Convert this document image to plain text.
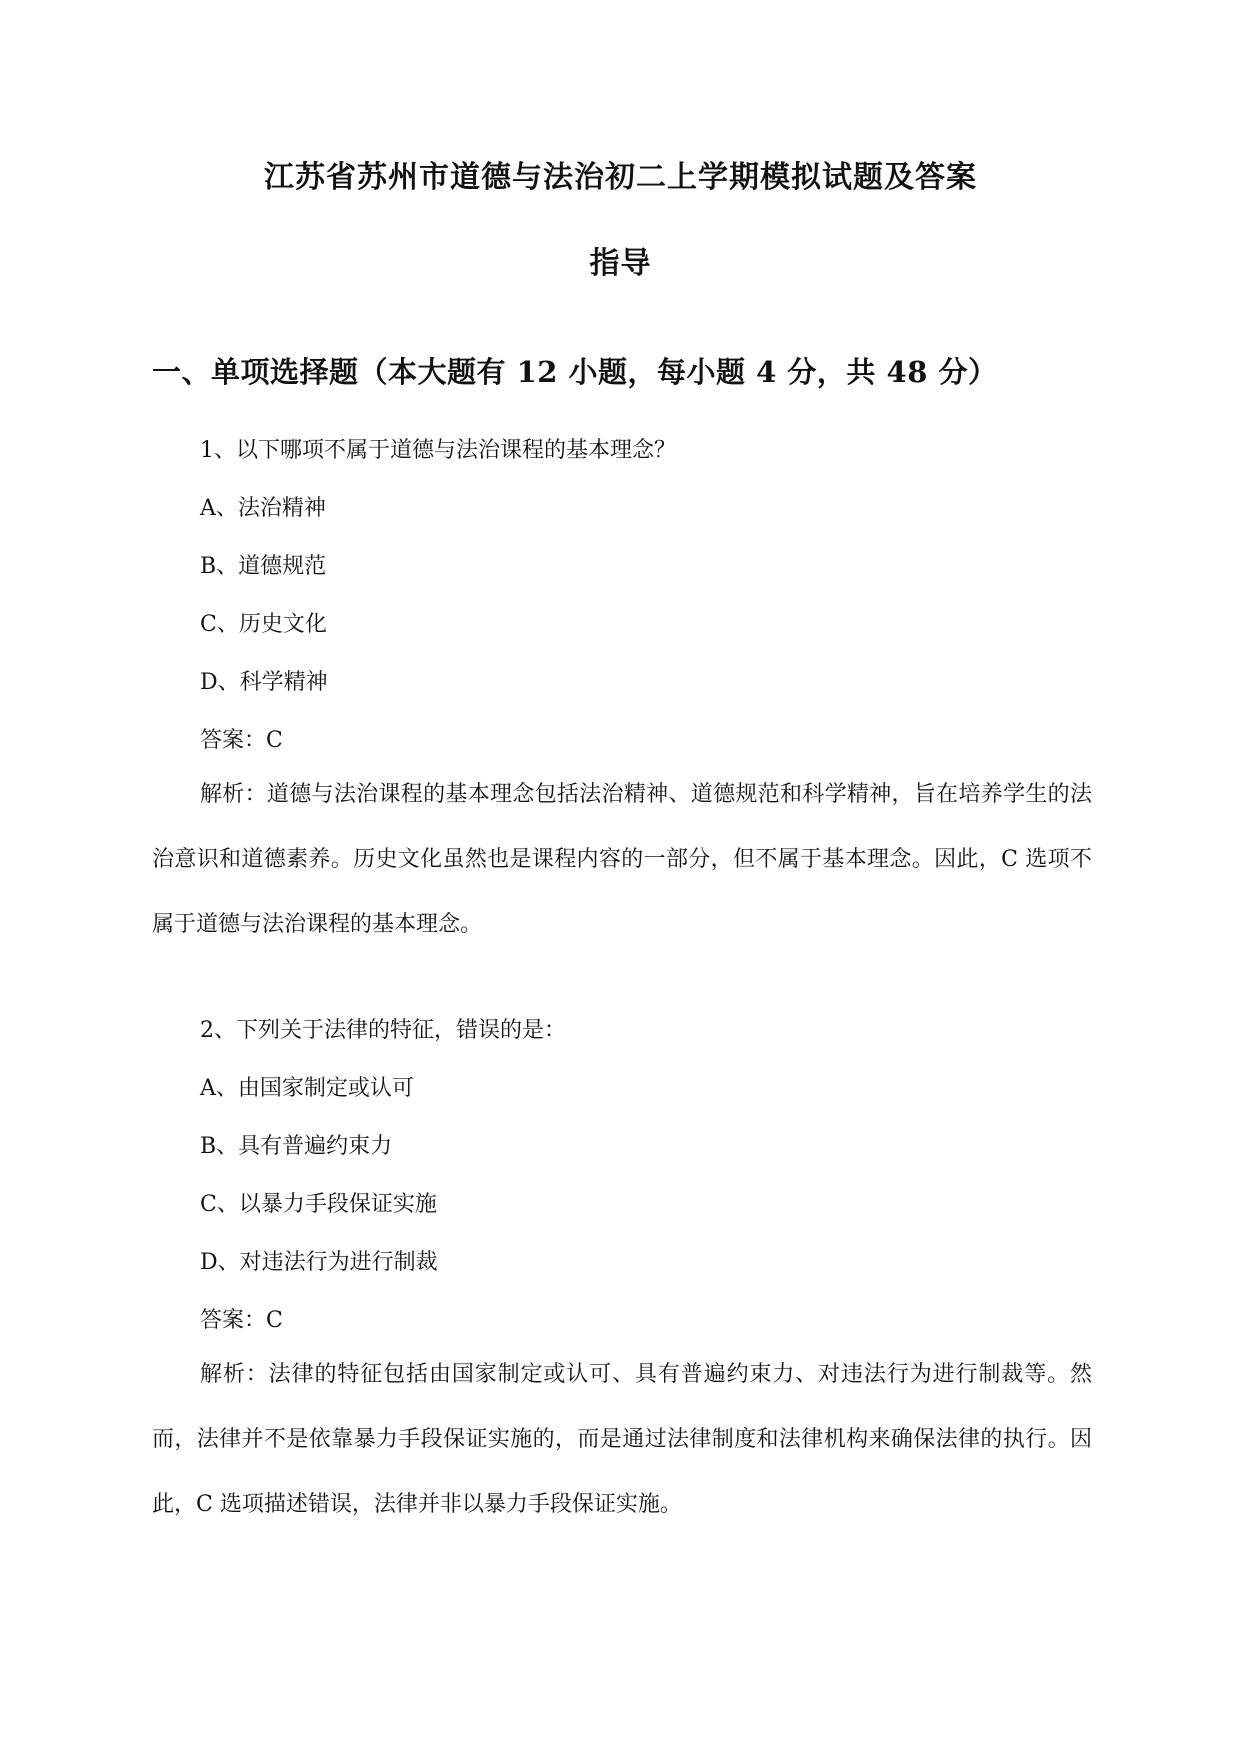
江苏省苏州市道德与法治初二上学期模拟试题及答案
指导
一、单项选择题（本大题有 12 小题，每小题 4 分，共 48 分）
1、以下哪项不属于道德与法治课程的基本理念？
A、法治精神
B、道德规范
C、历史文化
D、科学精神
答案：C
解析：道德与法治课程的基本理念包括法治精神、道德规范和科学精神，旨在培养学生的法治意识和道德素养。历史文化虽然也是课程内容的一部分，但不属于基本理念。因此，C 选项不属于道德与法治课程的基本理念。
2、下列关于法律的特征，错误的是：
A、由国家制定或认可
B、具有普遍约束力
C、以暴力手段保证实施
D、对违法行为进行制裁
答案：C
解析：法律的特征包括由国家制定或认可、具有普遍约束力、对违法行为进行制裁等。然而，法律并不是依靠暴力手段保证实施的，而是通过法律制度和法律机构来确保法律的执行。因此，C 选项描述错误，法律并非以暴力手段保证实施。
